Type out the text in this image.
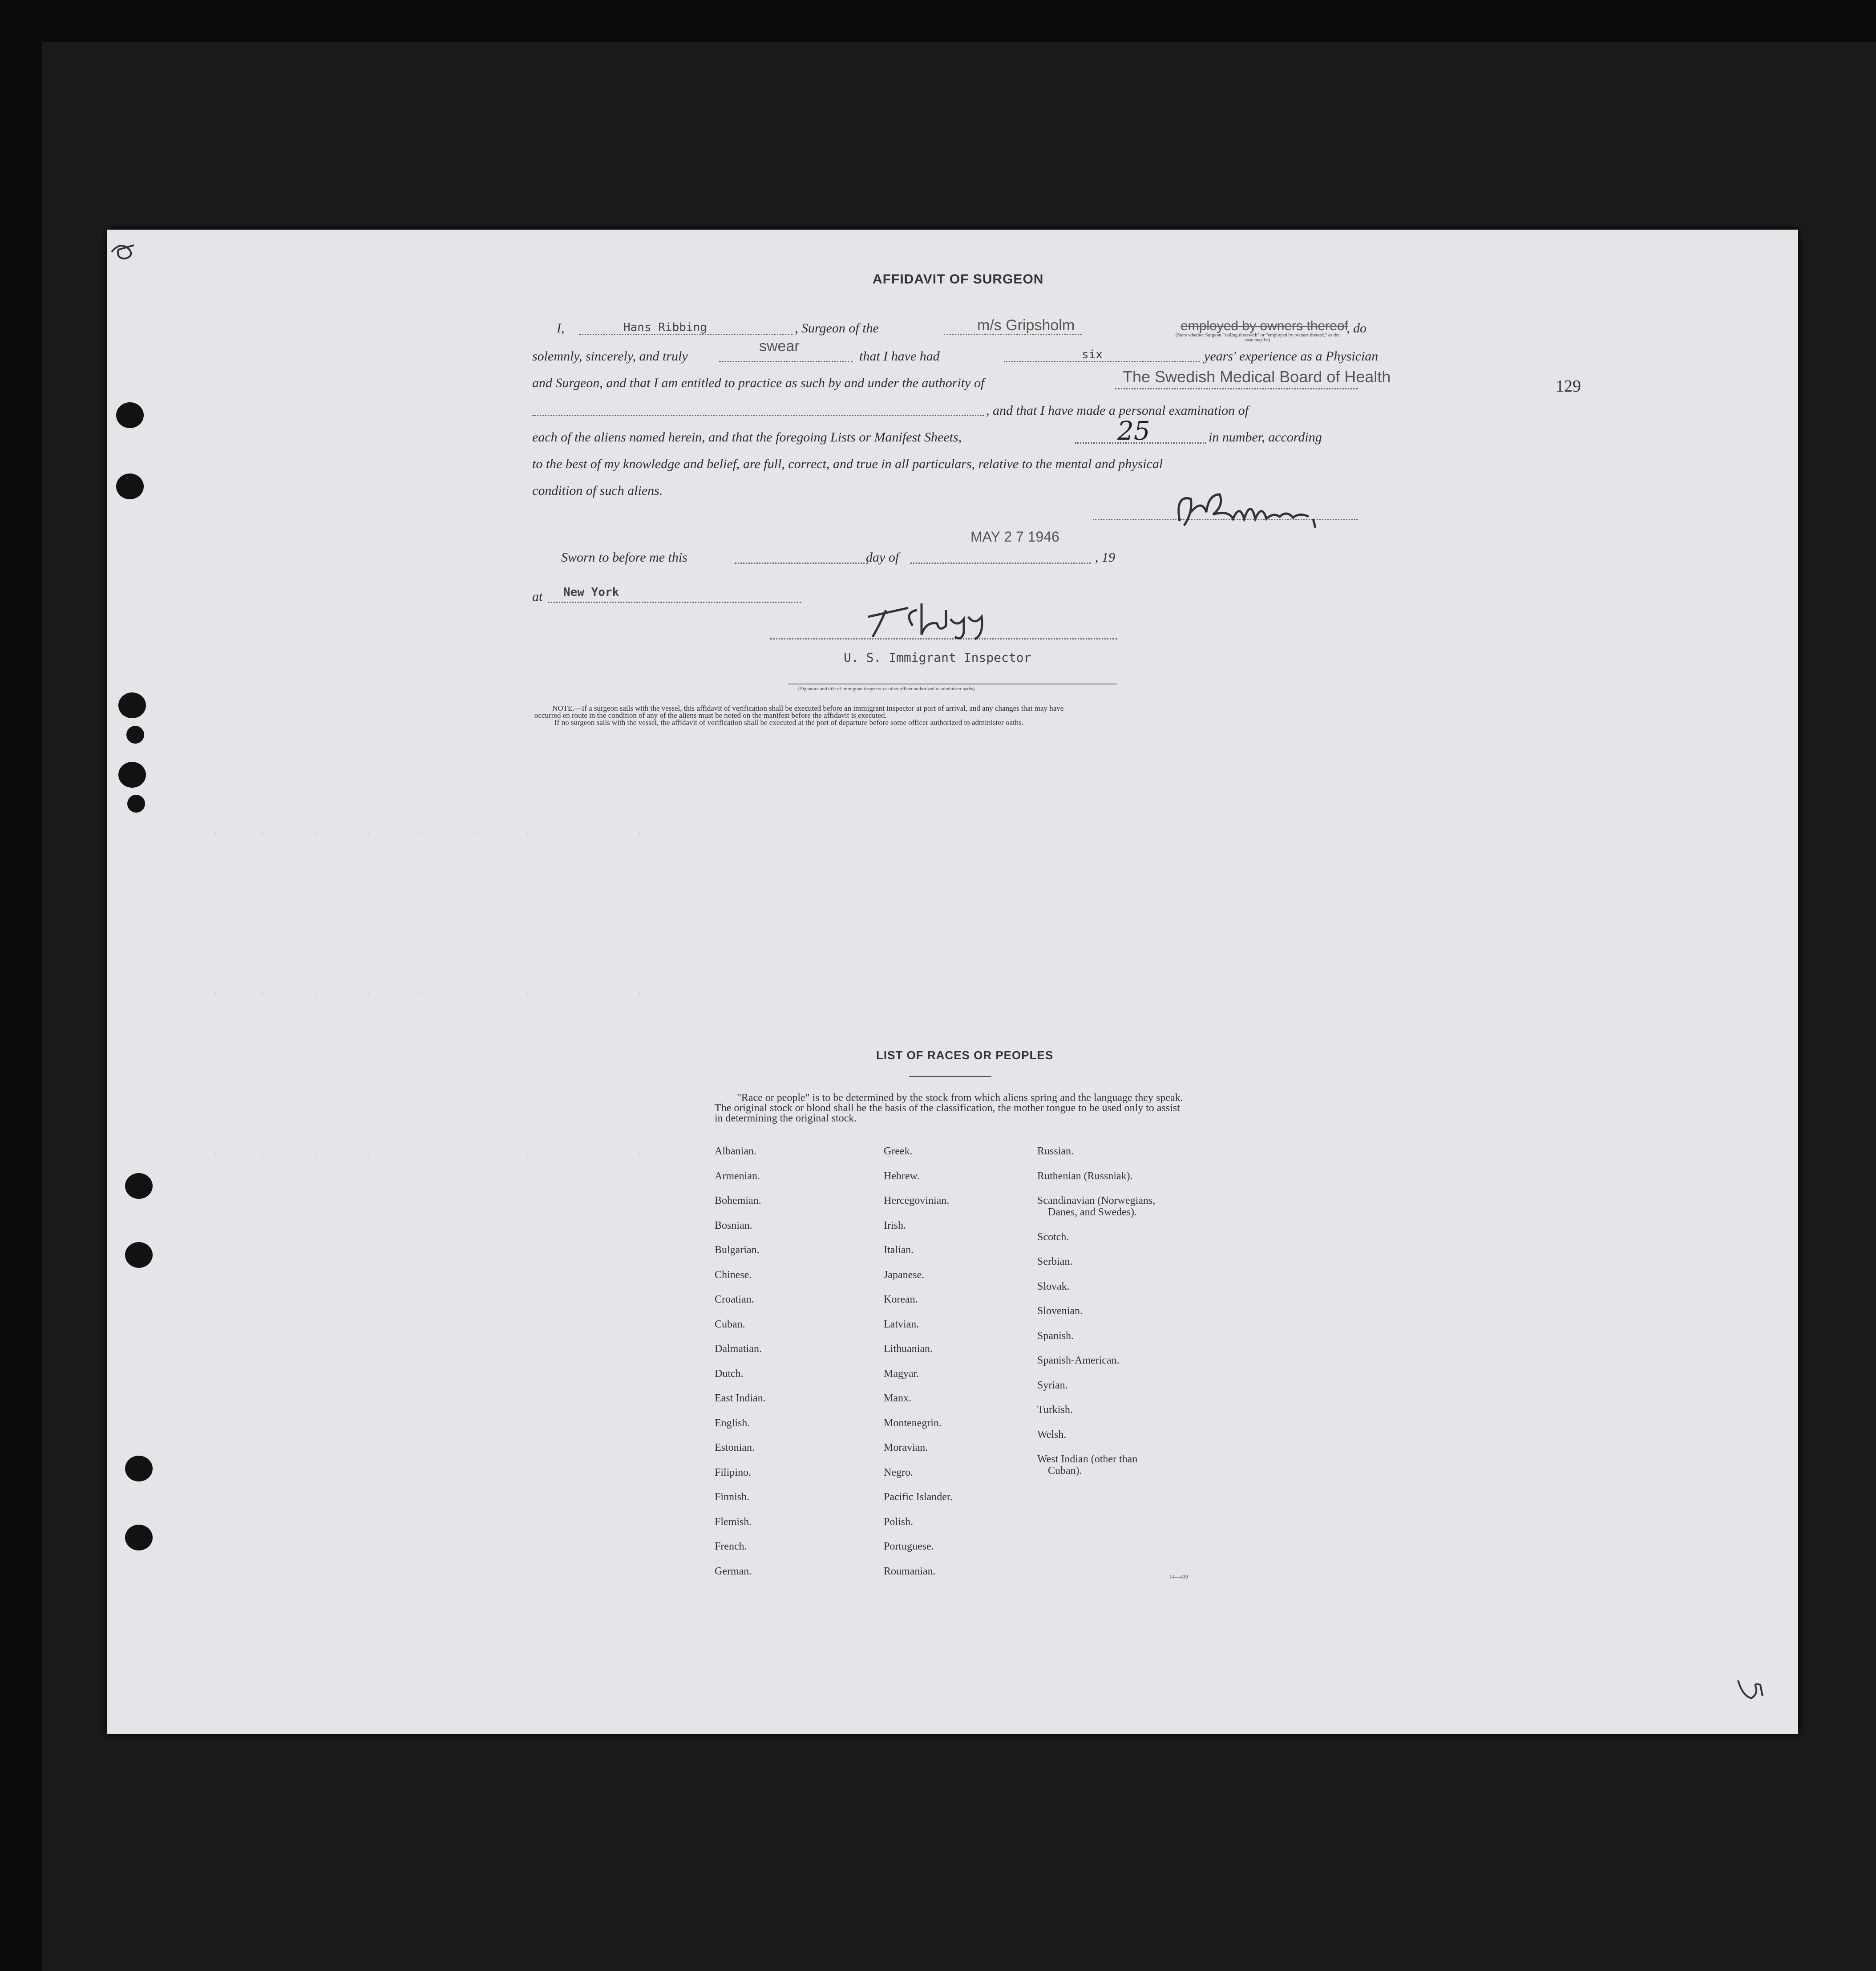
.       .       .        .        .        .        .        .         .        .
.       .       .        .        .        .        .        .         .        .
.       .       .        .        .        .        .        .         .        .
AFFIDAVIT OF SURGEON
I,	Hans Ribbing	, Surgeon of the	m/s Gripsholm	employed by owners thereof
(State whether Surgeon "sailing therewith" or "employed by owners thereof," as the case may be)
, do
solemnly, sincerely, and truly
swear
that I have had	six	years' experience as a Physician
and Surgeon, and that I am entitled to practice as such by and under the authority of	The Swedish Medical Board of Health
, and that I have made a personal examination of
each of the aliens named herein, and that the foregoing Lists or Manifest Sheets,	25	in number, according
to the best of my knowledge and belief, are full, correct, and true in all particulars, relative to the mental and physical
condition of such aliens.
MAY 2 7 1946
Sworn to before me this	day of	, 19
at New York
U. S. Immigrant Inspector
(Signature and title of immigrant inspector or other officer authorized to administer oaths)
NOTE.—If a surgeon sails with the vessel, this affidavit of verification shall be executed before an immigrant inspector at port of arrival, and any changes that may have
occurred en route in the condition of any of the aliens must be noted on the manifest before the affidavit is executed.
If no surgeon sails with the vessel, the affidavit of verification shall be executed at the port of departure before some officer authorized to administer oaths.
129
LIST OF RACES OR PEOPLES
"Race or people" is to be determined by the stock from which aliens spring and the language they speak. The original stock or blood shall be the basis of the classification, the mother tongue to be used only to assist in determining the original stock.
Albanian.
Armenian.
Bohemian.
Bosnian.
Bulgarian.
Chinese.
Croatian.
Cuban.
Dalmatian.
Dutch.
East Indian.
English.
Estonian.
Filipino.
Finnish.
Flemish.
French.
German.
Greek.
Hebrew.
Hercegovinian.
Irish.
Italian.
Japanese.
Korean.
Latvian.
Lithuanian.
Magyar.
Manx.
Montenegrin.
Moravian.
Negro.
Pacific Islander.
Polish.
Portuguese.
Roumanian.
Russian.
Ruthenian (Russniak).
Scandinavian (Norwegians,
Danes, and Swedes).
Scotch.
Serbian.
Slovak.
Slovenian.
Spanish.
Spanish-American.
Syrian.
Turkish.
Welsh.
West Indian (other than
Cuban).
14—439
